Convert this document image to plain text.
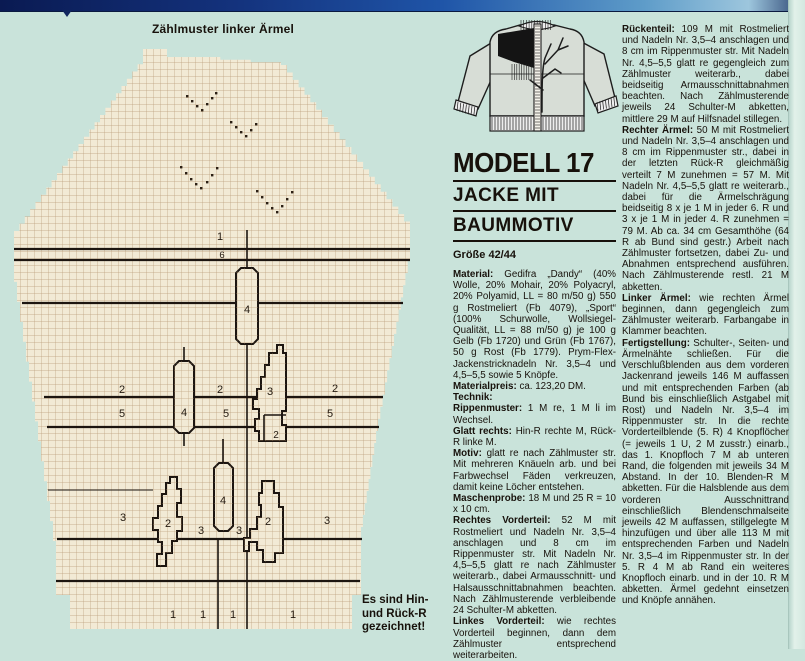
Zählmuster linker Ärmel
1
6
4
2
5	4
2
5
3	2
5
2
3	2
3
4
3
2	3
1 1 1	1
Es sind Hin-
und Rück-R
gezeichnet!
MODELL 17
JACKE MIT
BAUMMOTIV
Größe 42/44

Material: Gedifra „Dandy“ (40% Wolle, 20% Mohair, 20% Polyacryl, 20% Polyamid, LL = 80 m/50 g) 550 g Rostmeliert (Fb 4079), „Sport“ (100% Schurwolle, Wollsiegel-Qualität, LL = 88 m/50 g) je 100 g Gelb (Fb 1720) und Grün (Fb 1767), 50 g Rost (Fb 1779). Prym-Flex-Jackenstricknadeln Nr. 3,5–4 und 4,5–5,5 sowie 5 Knöpfe.

Materialpreis: ca. 123,20 DM.

Technik:

Rippenmuster: 1 M re, 1 M li im Wechsel.

Glatt rechts: Hin-R rechte M, Rück-R linke M.

Motiv: glatt re nach Zählmuster str. Mit mehreren Knäueln arb. und bei Farbwechsel Fäden verkreuzen, damit keine Löcher entstehen.

Maschenprobe: 18 M und 25 R = 10 x 10 cm.

Rechtes Vorderteil: 52 M mit Rostmeliert und Nadeln Nr. 3,5–4 anschlagen und 8 cm im Rippenmuster str. Mit Nadeln Nr. 4,5–5,5 glatt re nach Zählmuster weiterarb., dabei Armausschnitt- und Halsausschnittabnahmen beachten. Nach Zählmusterende verbleibende 24 Schulter-M abketten.

Linkes Vorderteil: wie rechtes Vorderteil beginnen, dann dem Zählmuster entsprechend weiterarbeiten.

Rückenteil: 109 M mit Rostmeliert und Nadeln Nr. 3,5–4 anschlagen und 8 cm im Rippenmuster str. Mit Nadeln Nr. 4,5–5,5 glatt re gegengleich zum Zählmuster weiterarb., dabei beidseitig Armausschnittabnahmen beachten. Nach Zählmusterende jeweils 24 Schulter-M abketten, mittlere 29 M auf Hilfsnadel stillegen.

Rechter Ärmel: 50 M mit Rostmeliert und Nadeln Nr. 3,5–4 anschlagen und 8 cm im Rippenmuster str., dabei in der letzten Rück-R gleichmäßig verteilt 7 M zunehmen = 57 M. Mit Nadeln Nr. 4,5–5,5 glatt re weiterarb., dabei für die Ärmelschrägung beidseitig 8 x je 1 M in jeder 6. R und 3 x je 1 M in jeder 4. R zunehmen = 79 M. Ab ca. 34 cm Gesamthöhe (64 R ab Bund sind gestr.) Arbeit nach Zählmuster fortsetzen, dabei Zu- und Abnahmen entsprechend ausführen. Nach Zählmusterende restl. 21 M abketten.

Linker Ärmel: wie rechten Ärmel beginnen, dann gegengleich zum Zählmuster weiterarb. Farbangabe in Klammer beachten.

Fertigstellung: Schulter-, Seiten- und Ärmelnähte schließen. Für die Verschlußblenden aus dem vorderen Jackenrand jeweils 146 M auffassen und mit entsprechenden Farben (ab Bund bis einschließlich Astgabel mit Rost) und Nadeln Nr. 3,5–4 im Rippenmuster str. In die rechte Vorderteilblende (5. R) 4 Knopflöcher (= jeweils 1 U, 2 M zusstr.) einarb., das 1. Knopfloch 7 M ab unteren Rand, die folgenden mit jeweils 34 M Abstand. In der 10. Blenden-R M abketten. Für die Halsblende aus dem vorderen Ausschnittrand einschließlich Blendenschmalseite jeweils 42 M auffassen, stillgelegte M hinzufügen und über alle 113 M mit entsprechenden Farben und Nadeln Nr. 3,5–4 im Rippenmuster str. In der 5. R 4 M ab Rand ein weiteres Knopfloch einarb. und in der 10. R M abketten. Ärmel gedehnt einsetzen und Knöpfe annähen.
